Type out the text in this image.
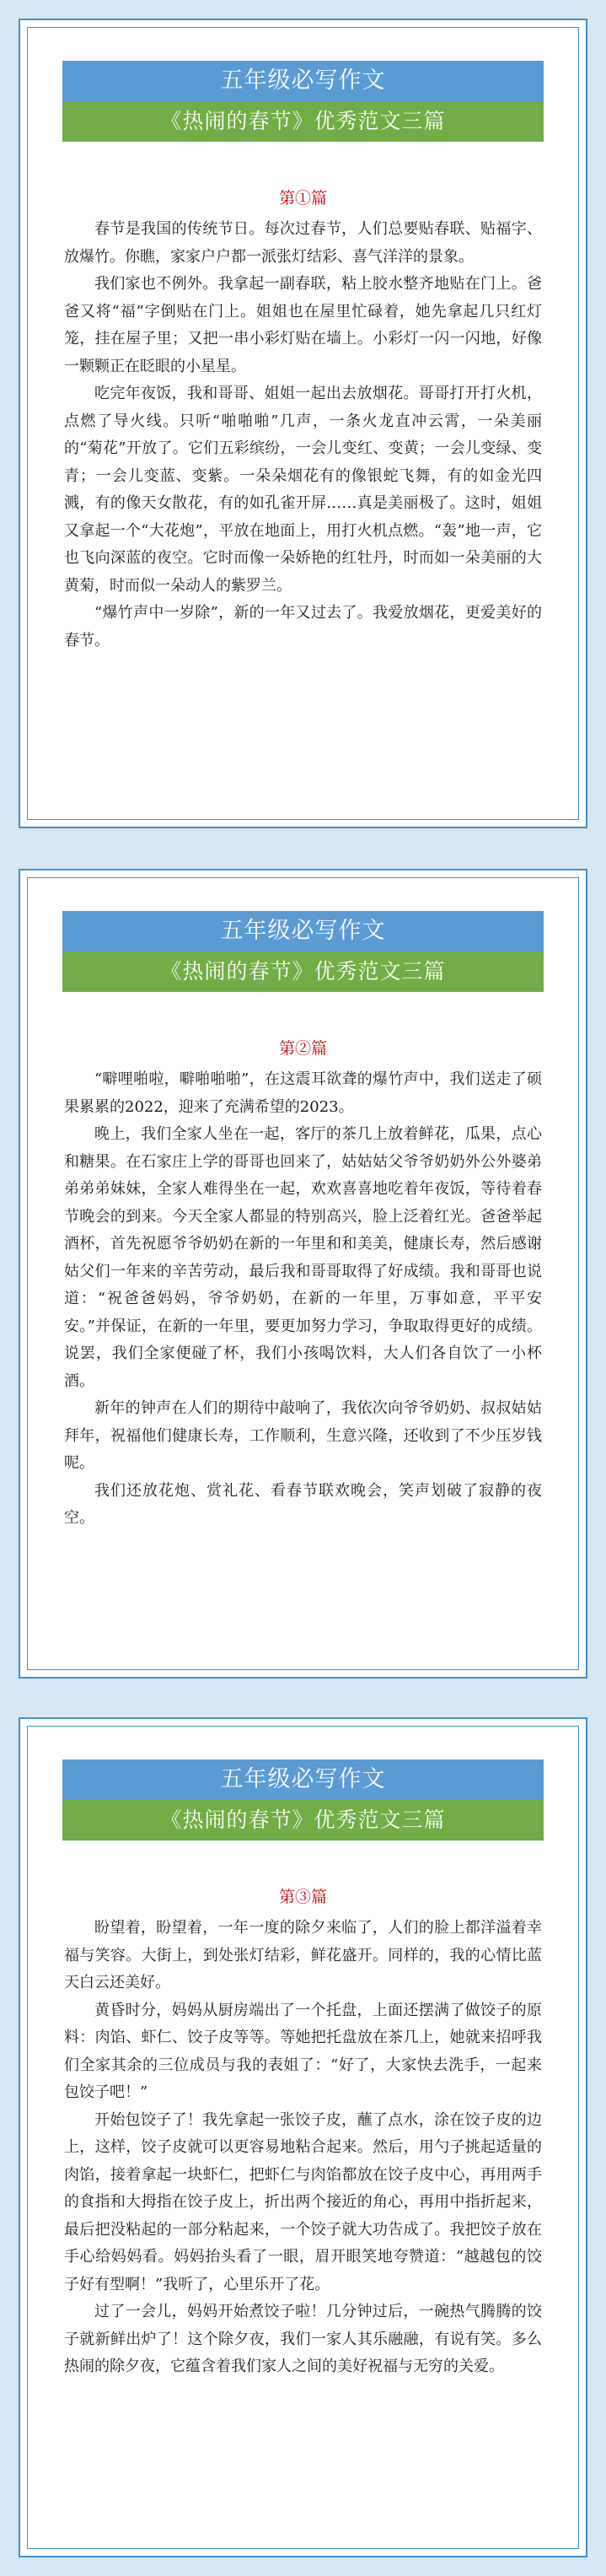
五年级必写作文
《热闹的春节》优秀范文三篇
第①篇

春节是我国的传统节日。每次过春节，人们总要贴春联、贴福字、放爆竹。你瞧，家家户户都一派张灯结彩、喜气洋洋的景象。

我们家也不例外。我拿起一副春联，粘上胶水整齐地贴在门上。爸爸又将“福”字倒贴在门上。姐姐也在屋里忙碌着，她先拿起几只红灯笼，挂在屋子里；又把一串小彩灯贴在墙上。小彩灯一闪一闪地，好像一颗颗正在眨眼的小星星。

吃完年夜饭，我和哥哥、姐姐一起出去放烟花。哥哥打开打火机，点燃了导火线。只听“啪啪啪”几声，一条火龙直冲云霄，一朵美丽的“菊花”开放了。它们五彩缤纷，一会儿变红、变黄；一会儿变绿、变青；一会儿变蓝、变紫。一朵朵烟花有的像银蛇飞舞，有的如金光四溅，有的像天女散花，有的如孔雀开屏……真是美丽极了。这时，姐姐又拿起一个“大花炮”，平放在地面上，用打火机点燃。“轰”地一声，它也飞向深蓝的夜空。它时而像一朵娇艳的红牡丹，时而如一朵美丽的大黄菊，时而似一朵动人的紫罗兰。

“爆竹声中一岁除”，新的一年又过去了。我爱放烟花，更爱美好的春节。

五年级必写作文
《热闹的春节》优秀范文三篇
第②篇

“噼哩啪啦，噼啪啪啪”，在这震耳欲聋的爆竹声中，我们送走了硕果累累的2022，迎来了充满希望的2023。

晚上，我们全家人坐在一起，客厅的茶几上放着鲜花，瓜果，点心和糖果。在石家庄上学的哥哥也回来了，姑姑姑父爷爷奶奶外公外婆弟弟弟弟妹妹，全家人难得坐在一起，欢欢喜喜地吃着年夜饭，等待着春节晚会的到来。今天全家人都显的特别高兴，脸上泛着红光。爸爸举起酒杯，首先祝愿爷爷奶奶在新的一年里和和美美，健康长寿，然后感谢姑父们一年来的辛苦劳动，最后我和哥哥取得了好成绩。我和哥哥也说道：“祝爸爸妈妈，爷爷奶奶，在新的一年里，万事如意，平平安安。”并保证，在新的一年里，要更加努力学习，争取取得更好的成绩。说罢，我们全家便碰了杯，我们小孩喝饮料，大人们各自饮了一小杯酒。

新年的钟声在人们的期待中敲响了，我依次向爷爷奶奶、叔叔姑姑拜年，祝福他们健康长寿，工作顺利，生意兴隆，还收到了不少压岁钱呢。

我们还放花炮、赏礼花、看春节联欢晚会，笑声划破了寂静的夜空。

五年级必写作文
《热闹的春节》优秀范文三篇
第③篇

盼望着，盼望着，一年一度的除夕来临了，人们的脸上都洋溢着幸福与笑容。大街上，到处张灯结彩，鲜花盛开。同样的，我的心情比蓝天白云还美好。

黄昏时分，妈妈从厨房端出了一个托盘，上面还摆满了做饺子的原料：肉馅、虾仁、饺子皮等等。等她把托盘放在茶几上，她就来招呼我们全家其余的三位成员与我的表姐了：“好了，大家快去洗手，一起来包饺子吧！”

开始包饺子了！我先拿起一张饺子皮，蘸了点水，涂在饺子皮的边上，这样，饺子皮就可以更容易地粘合起来。然后，用勺子挑起适量的肉馅，接着拿起一块虾仁，把虾仁与肉馅都放在饺子皮中心，再用两手的食指和大拇指在饺子皮上，折出两个接近的角心，再用中指折起来，最后把没粘起的一部分粘起来，一个饺子就大功告成了。我把饺子放在手心给妈妈看。妈妈抬头看了一眼，眉开眼笑地夸赞道：“越越包的饺子好有型啊！”我听了，心里乐开了花。

过了一会儿，妈妈开始煮饺子啦！几分钟过后，一碗热气腾腾的饺子就新鲜出炉了！这个除夕夜，我们一家人其乐融融，有说有笑。多么热闹的除夕夜，它蕴含着我们家人之间的美好祝福与无穷的关爱。
